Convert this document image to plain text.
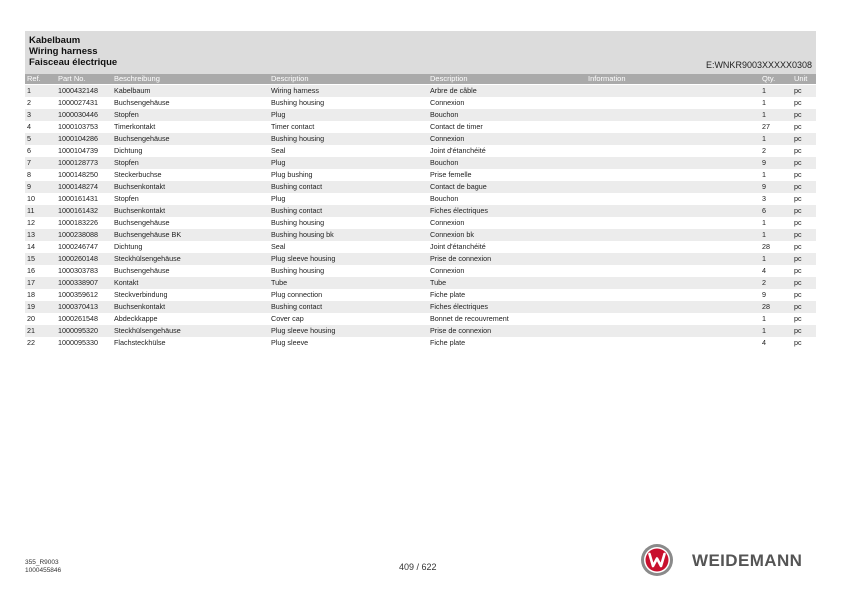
Kabelbaum
Wiring harness
Faisceau électrique	E:WNKR9003XXXXX0308
Ref. Part No.	Beschreibung	Description	Description	Information	Qty.	Unit
1	1000432148 Kabelbaum	Wiring harness	Arbre de câble	1	pc
2	1000027431 Buchsengehäuse	Bushing housing	Connexion	1	pc
3	1000030446 Stopfen	Plug	Bouchon	1	pc
4	1000103753 Timerkontakt	Timer contact	Contact de timer	27	pc
5	1000104286 Buchsengehäuse	Bushing housing	Connexion	1	pc
6	1000104739 Dichtung	Seal	Joint d'étanchéité	2	pc
7	1000128773 Stopfen	Plug	Bouchon	9	pc
8	1000148250 Steckerbuchse	Plug bushing	Prise femelle	1	pc
9	1000148274 Buchsenkontakt	Bushing contact	Contact de bague	9	pc
10	1000161431 Stopfen	Plug	Bouchon	3	pc
11	1000161432 Buchsenkontakt	Bushing contact	Fiches électriques	6	pc
12	1000183226 Buchsengehäuse	Bushing housing	Connexion	1	pc
13	1000238088 Buchsengehäuse BK	Bushing housing bk	Connexion bk	1	pc
14	1000246747 Dichtung	Seal	Joint d'étanchéité	28	pc
15	1000260148 Steckhülsengehäuse	Plug sleeve housing	Prise de connexion	1	pc
16	1000303783 Buchsengehäuse	Bushing housing	Connexion	4	pc
17	1000338907 Kontakt	Tube	Tube	2	pc
18	1000359612 Steckverbindung	Plug connection	Fiche plate	9	pc
19	1000370413 Buchsenkontakt	Bushing contact	Fiches électriques	28	pc
20	1000261548 Abdeckkappe	Cover cap	Bonnet de recouvrement	1	pc
21	1000095320 Steckhülsengehäuse	Plug sleeve housing	Prise de connexion	1	pc
22	1000095330 Flachsteckhülse	Plug sleeve	Fiche plate	4	pc
355_R9003
1000455846	409 / 622	WEIDEMANN
